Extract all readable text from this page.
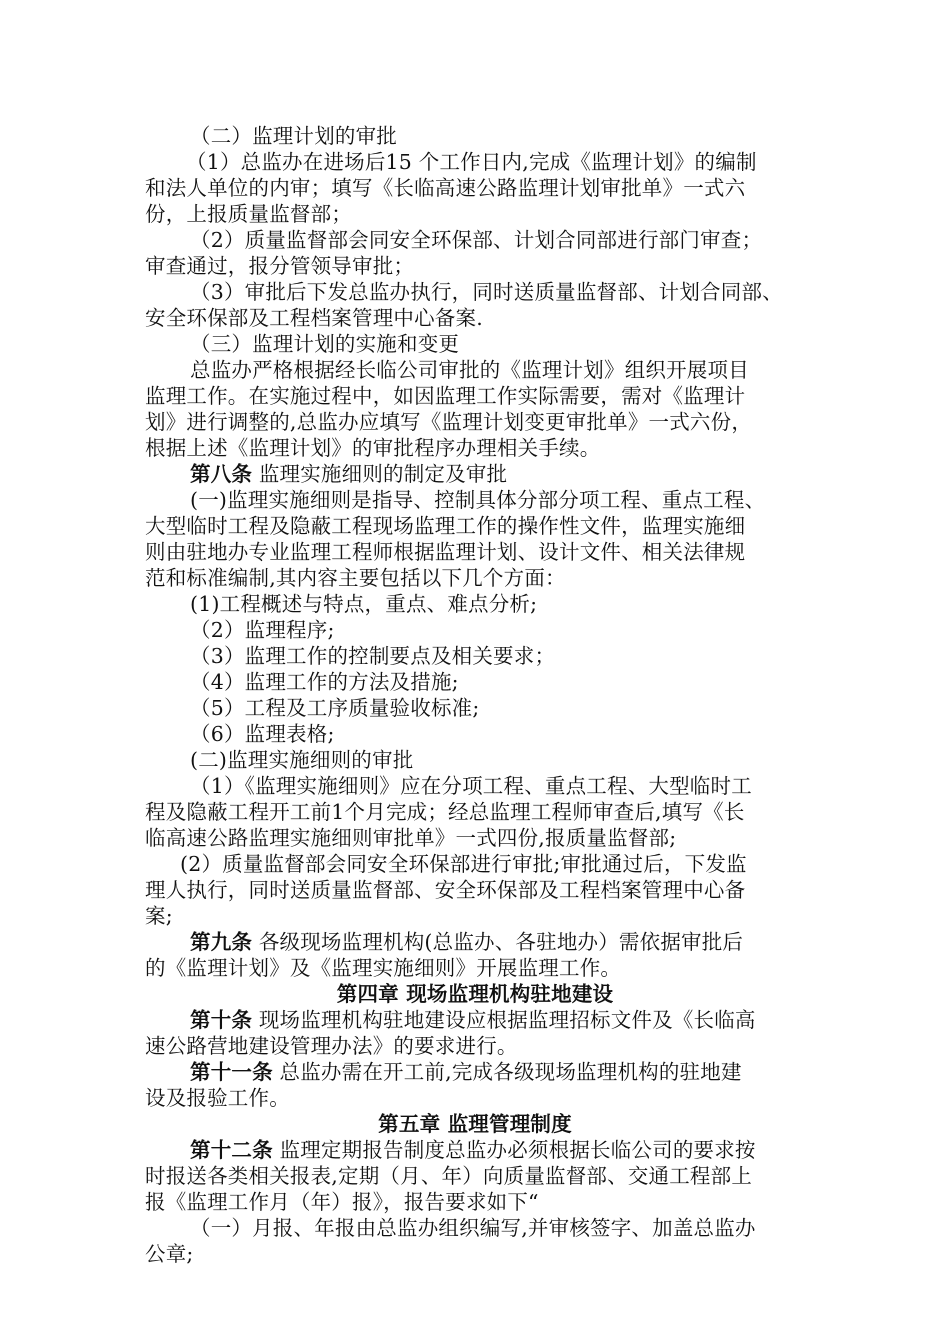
（二）监理计划的审批
（1）总监办在进场后15 个工作日内,完成《监理计划》的编制
和法人单位的内审；填写《长临高速公路监理计划审批单》一式六
份，上报质量监督部；
（2）质量监督部会同安全环保部、计划合同部进行部门审查；
审查通过，报分管领导审批；
（3）审批后下发总监办执行，同时送质量监督部、计划合同部、
安全环保部及工程档案管理中心备案.
（三）监理计划的实施和变更
总监办严格根据经长临公司审批的《监理计划》组织开展项目
监理工作。在实施过程中，如因监理工作实际需要，需对《监理计
划》进行调整的,总监办应填写《监理计划变更审批单》一式六份，
根据上述《监理计划》的审批程序办理相关手续。
第八条 监理实施细则的制定及审批
(一)监理实施细则是指导、控制具体分部分项工程、重点工程、
大型临时工程及隐蔽工程现场监理工作的操作性文件，监理实施细
则由驻地办专业监理工程师根据监理计划、设计文件、相关法律规
范和标准编制,其内容主要包括以下几个方面：
(1)工程概述与特点，重点、难点分析;
（2）监理程序;
（3）监理工作的控制要点及相关要求；
（4）监理工作的方法及措施;
（5）工程及工序质量验收标准;
（6）监理表格;
(二)监理实施细则的审批
（1）《监理实施细则》应在分项工程、重点工程、大型临时工
程及隐蔽工程开工前1个月完成；经总监理工程师审查后,填写《长
临高速公路监理实施细则审批单》一式四份,报质量监督部;
(2）质量监督部会同安全环保部进行审批;审批通过后，下发监
理人执行，同时送质量监督部、安全环保部及工程档案管理中心备
案;
第九条 各级现场监理机构(总监办、各驻地办）需依据审批后
的《监理计划》及《监理实施细则》开展监理工作。
第四章 现场监理机构驻地建设
第十条 现场监理机构驻地建设应根据监理招标文件及《长临高
速公路营地建设管理办法》的要求进行。
第十一条 总监办需在开工前,完成各级现场监理机构的驻地建
设及报验工作。
第五章 监理管理制度
第十二条 监理定期报告制度总监办必须根据长临公司的要求按
时报送各类相关报表,定期（月、年）向质量监督部、交通工程部上
报《监理工作月（年）报》，报告要求如下“
（一）月报、年报由总监办组织编写,并审核签字、加盖总监办
公章;
